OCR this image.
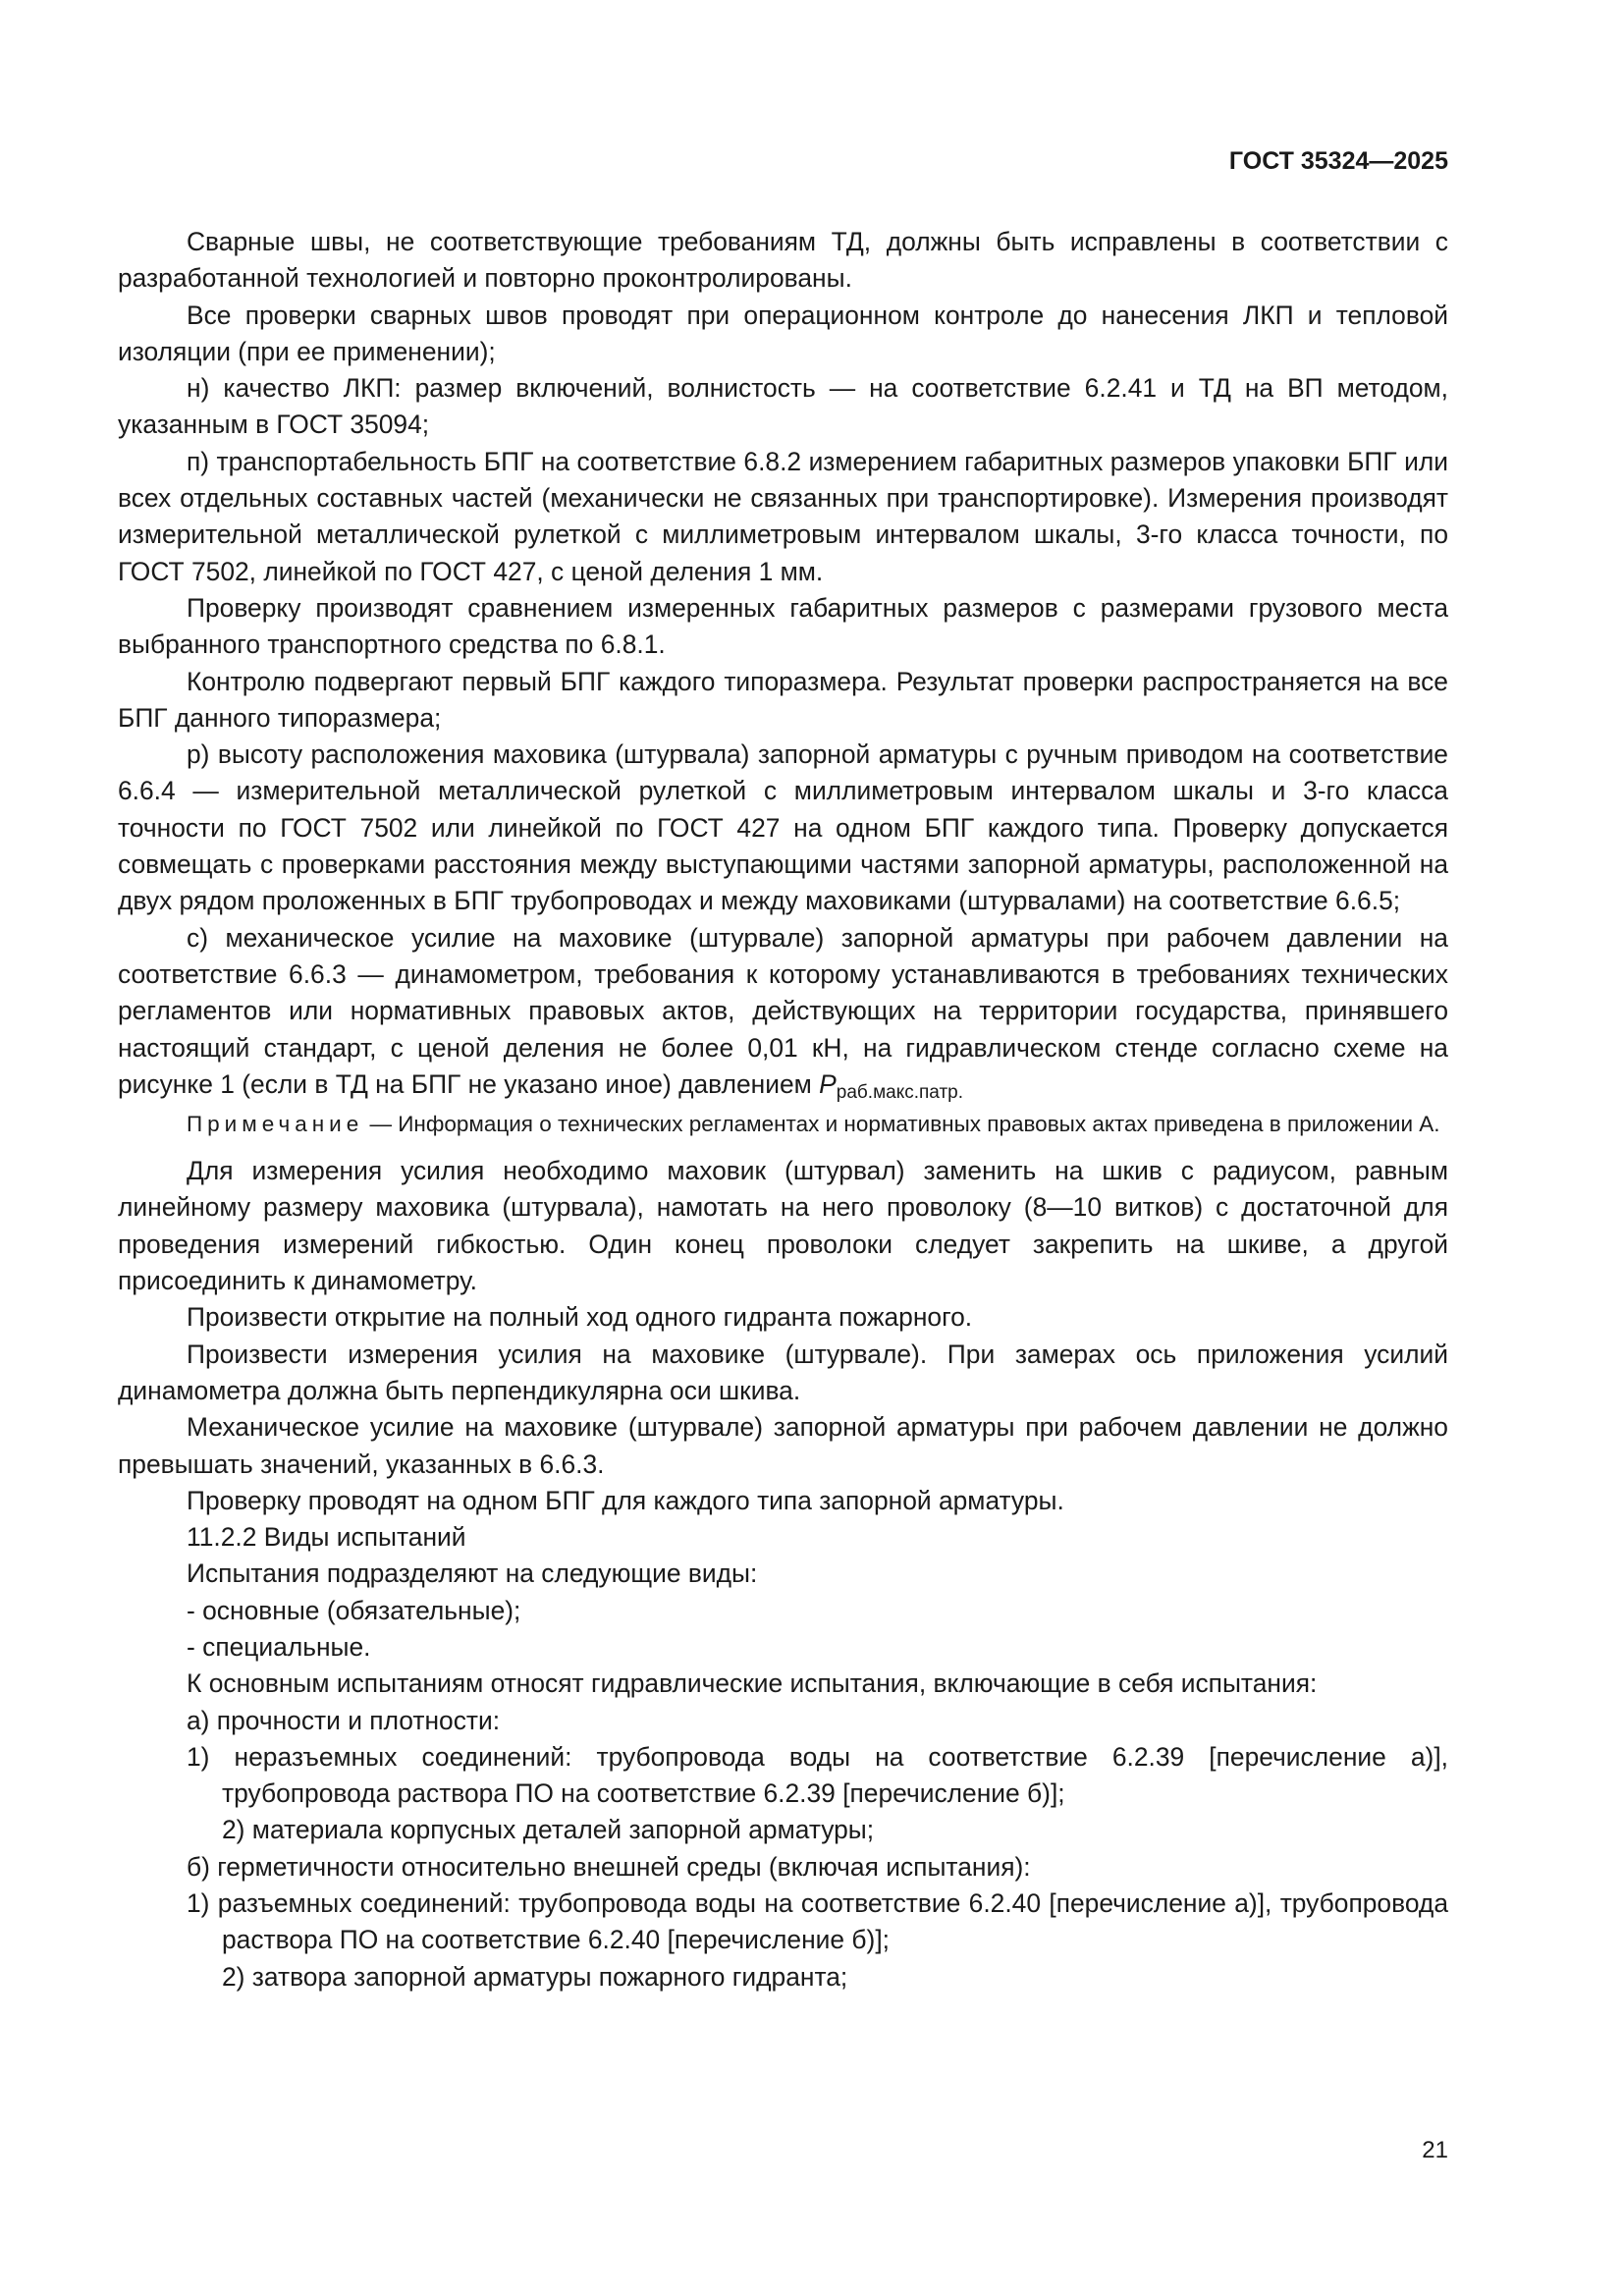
ГОСТ 35324—2025

Сварные швы, не соответствующие требованиям ТД, должны быть исправлены в соответствии с разработанной технологией и повторно проконтролированы.

Все проверки сварных швов проводят при операционном контроле до нанесения ЛКП и тепловой изоляции (при ее применении);

н) качество ЛКП: размер включений, волнистость — на соответствие 6.2.41 и ТД на ВП методом, указанным в ГОСТ 35094;

п) транспортабельность БПГ на соответствие 6.8.2 измерением габаритных размеров упаковки БПГ или всех отдельных составных частей (механически не связанных при транспортировке). Измерения производят измерительной металлической рулеткой с миллиметровым интервалом шкалы, 3-го класса точности, по ГОСТ 7502, линейкой по ГОСТ 427, с ценой деления 1 мм.

Проверку производят сравнением измеренных габаритных размеров с размерами грузового места выбранного транспортного средства по 6.8.1.

Контролю подвергают первый БПГ каждого типоразмера. Результат проверки распространяется на все БПГ данного типоразмера;

р) высоту расположения маховика (штурвала) запорной арматуры с ручным приводом на соответствие 6.6.4 — измерительной металлической рулеткой с миллиметровым интервалом шкалы и 3-го класса точности по ГОСТ 7502 или линейкой по ГОСТ 427 на одном БПГ каждого типа. Проверку допускается совмещать с проверками расстояния между выступающими частями запорной арматуры, расположенной на двух рядом проложенных в БПГ трубопроводах и между маховиками (штурвалами) на соответствие 6.6.5;

с) механическое усилие на маховике (штурвале) запорной арматуры при рабочем давлении на соответствие 6.6.3 — динамометром, требования к которому устанавливаются в требованиях технических регламентов или нормативных правовых актов, действующих на территории государства, принявшего настоящий стандарт, с ценой деления не более 0,01 кН, на гидравлическом стенде согласно схеме на рисунке 1 (если в ТД на БПГ не указано иное) давлением $P_{раб.макс.патр.}$

Примечание — Информация о технических регламентах и нормативных правовых актах приведена в приложении А.

Для измерения усилия необходимо маховик (штурвал) заменить на шкив с радиусом, равным линейному размеру маховика (штурвала), намотать на него проволоку (8—10 витков) с достаточной для проведения измерений гибкостью. Один конец проволоки следует закрепить на шкиве, а другой присоединить к динамометру.

Произвести открытие на полный ход одного гидранта пожарного.

Произвести измерения усилия на маховике (штурвале). При замерах ось приложения усилий динамометра должна быть перпендикулярна оси шкива.

Механическое усилие на маховике (штурвале) запорной арматуры при рабочем давлении не должно превышать значений, указанных в 6.6.3.

Проверку проводят на одном БПГ для каждого типа запорной арматуры.

11.2.2 Виды испытаний

Испытания подразделяют на следующие виды:

- основные (обязательные);

- специальные.

К основным испытаниям относят гидравлические испытания, включающие в себя испытания:

а) прочности и плотности:

1) неразъемных соединений: трубопровода воды на соответствие 6.2.39 [перечисление а)], трубопровода раствора ПО на соответствие 6.2.39 [перечисление б)];

2) материала корпусных деталей запорной арматуры;

б) герметичности относительно внешней среды (включая испытания):

1) разъемных соединений: трубопровода воды на соответствие 6.2.40 [перечисление а)], трубопровода раствора ПО на соответствие 6.2.40 [перечисление б)];

2) затвора запорной арматуры пожарного гидранта;

21
